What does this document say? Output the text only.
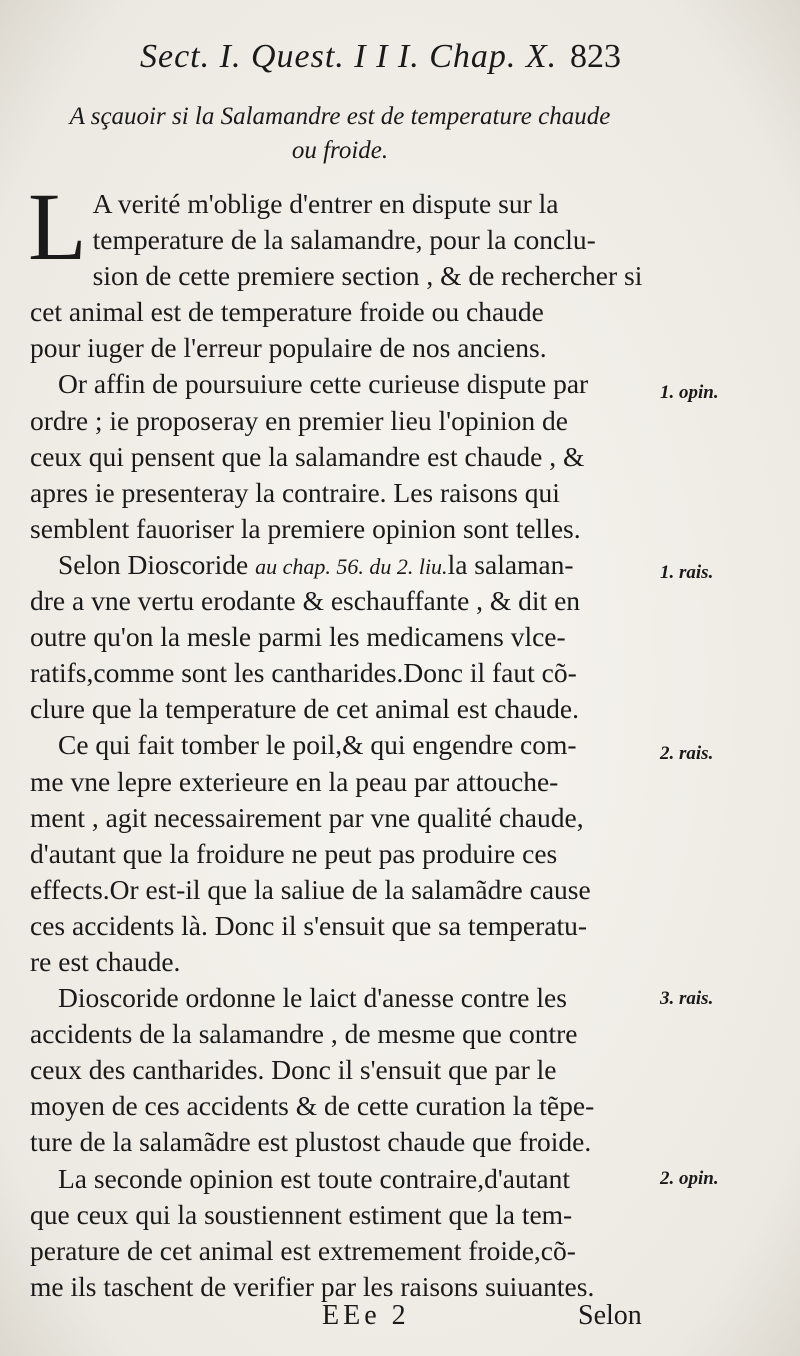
Sect. I. Quest. I I I. Chap. X. 823
A sçauoir si la Salamandre est de temperature chaude
ou froide.
L A verité m'oblige d'entrer en dispute sur la
temperature de la salamandre, pour la conclu-
sion de cette premiere section , & de rechercher si
cet animal est de temperature froide ou chaude
pour iuger de l'erreur populaire de nos anciens.
Or affin de poursuiure cette curieuse dispute par
ordre ; ie proposeray en premier lieu l'opinion de
ceux qui pensent que la salamandre est chaude , &
apres ie presenteray la contraire. Les raisons qui
semblent fauoriser la premiere opinion sont telles.
Selon Dioscoride au chap. 56. du 2. liu.la salaman-
dre a vne vertu erodante & eschauffante , & dit en
outre qu'on la mesle parmi les medicamens vlce-
ratifs,comme sont les cantharides.Donc il faut cõ-
clure que la temperature de cet animal est chaude.
Ce qui fait tomber le poil,& qui engendre com-
me vne lepre exterieure en la peau par attouche-
ment , agit necessairement par vne qualité chaude,
d'autant que la froidure ne peut pas produire ces
effects.Or est-il que la saliue de la salamãdre cause
ces accidents là. Donc il s'ensuit que sa temperatu-
re est chaude.
Dioscoride ordonne le laict d'anesse contre les
accidents de la salamandre , de mesme que contre
ceux des cantharides. Donc il s'ensuit que par le
moyen de ces accidents & de cette curation la tẽpe-
ture de la salamãdre est plustost chaude que froide.
La seconde opinion est toute contraire,d'autant
que ceux qui la soustiennent estiment que la tem-
perature de cet animal est extremement froide,cõ-
me ils taschent de verifier par les raisons suiuantes.
1. opin.
1. rais.
2. rais.
3. rais.
2. opin.
EEe 2	Selon
